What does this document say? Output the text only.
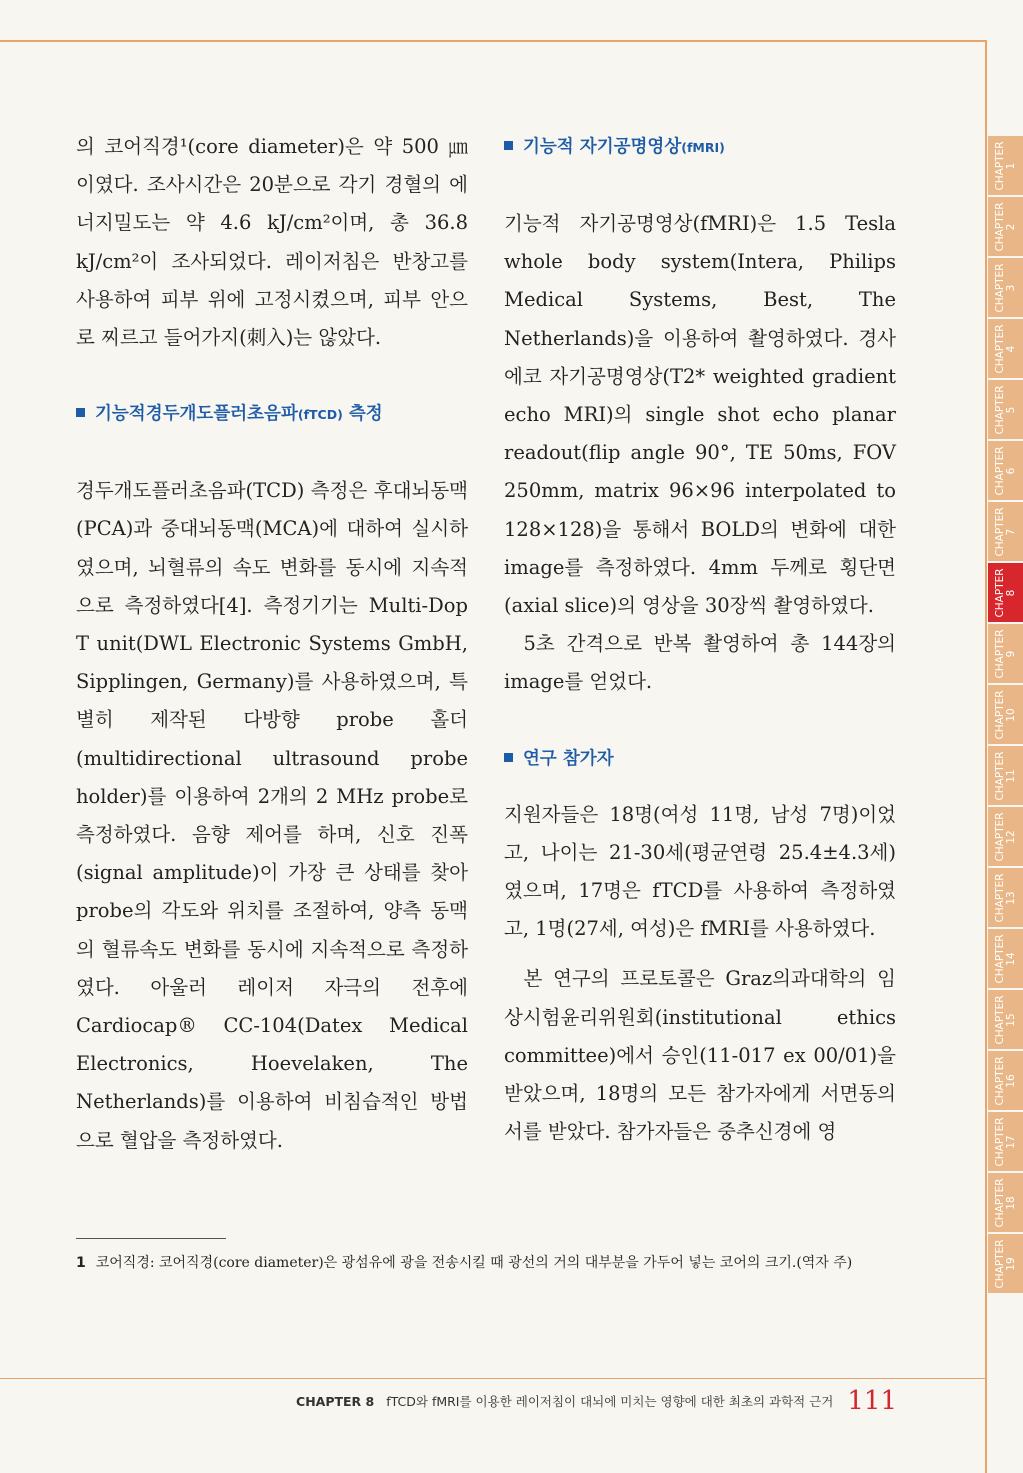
의 코어직경¹(core diameter)은 약 500 ㎛이였다. 조사시간은 20분으로 각기 경혈의 에너지밀도는 약 4.6 kJ/cm²이며, 총 36.8 kJ/cm²이 조사되었다. 레이저침은 반창고를 사용하여 피부 위에 고정시켰으며, 피부 안으로 찌르고 들어가지(刺入)는 않았다.

기능적경두개도플러초음파(fTCD) 측정

경두개도플러초음파(TCD) 측정은 후대뇌동맥(PCA)과 중대뇌동맥(MCA)에 대하여 실시하였으며, 뇌혈류의 속도 변화를 동시에 지속적으로 측정하였다[4]. 측정기기는 Multi-Dop T unit(DWL Electronic Systems GmbH, Sipplingen, Germany)를 사용하였으며, 특별히 제작된 다방향 probe 홀더(multidirectional ultrasound probe holder)를 이용하여 2개의 2 MHz probe로 측정하였다. 음향 제어를 하며, 신호 진폭(signal amplitude)이 가장 큰 상태를 찾아 probe의 각도와 위치를 조절하여, 양측 동맥의 혈류속도 변화를 동시에 지속적으로 측정하였다. 아울러 레이저 자극의 전후에 Cardiocap® CC-104(Datex Medical Electronics, Hoevelaken, The Netherlands)를 이용하여 비침습적인 방법으로 혈압을 측정하였다.

기능적 자기공명영상(fMRI)

기능적 자기공명영상(fMRI)은 1.5 Tesla whole body system(Intera, Philips Medical Systems, Best, The Netherlands)을 이용하여 촬영하였다. 경사에코 자기공명영상(T2* weighted gradient echo MRI)의 single shot echo planar readout(flip angle 90°, TE 50ms, FOV 250mm, matrix 96×96 interpolated to 128×128)을 통해서 BOLD의 변화에 대한 image를 측정하였다. 4mm 두께로 횡단면(axial slice)의 영상을 30장씩 촬영하였다.

5초 간격으로 반복 촬영하여 총 144장의 image를 얻었다.

연구 참가자

지원자들은 18명(여성 11명, 남성 7명)이었고, 나이는 21-30세(평균연령 25.4±4.3세)였으며, 17명은 fTCD를 사용하여 측정하였고, 1명(27세, 여성)은 fMRI를 사용하였다.

본 연구의 프로토콜은 Graz의과대학의 임상시험윤리위원회(institutional ethics committee)에서 승인(11-017 ex 00/01)을 받았으며, 18명의 모든 참가자에게 서면동의서를 받았다. 참가자들은 중추신경에 영

CHAPTER 1
CHAPTER 2
CHAPTER 3
CHAPTER 4
CHAPTER 5
CHAPTER 6
CHAPTER 7
CHAPTER 8
CHAPTER 9
CHAPTER 10
CHAPTER 11
CHAPTER 12
CHAPTER 13
CHAPTER 14
CHAPTER 15
CHAPTER 16
CHAPTER 17
CHAPTER 18
CHAPTER 19
1 코어직경: 코어직경(core diameter)은 광섬유에 광을 전송시킬 때 광선의 거의 대부분을 가두어 넣는 코어의 크기.(역자 주)
CHAPTER 8 fTCD와 fMRI를 이용한 레이저침이 대뇌에 미치는 영향에 대한 최초의 과학적 근거 111
